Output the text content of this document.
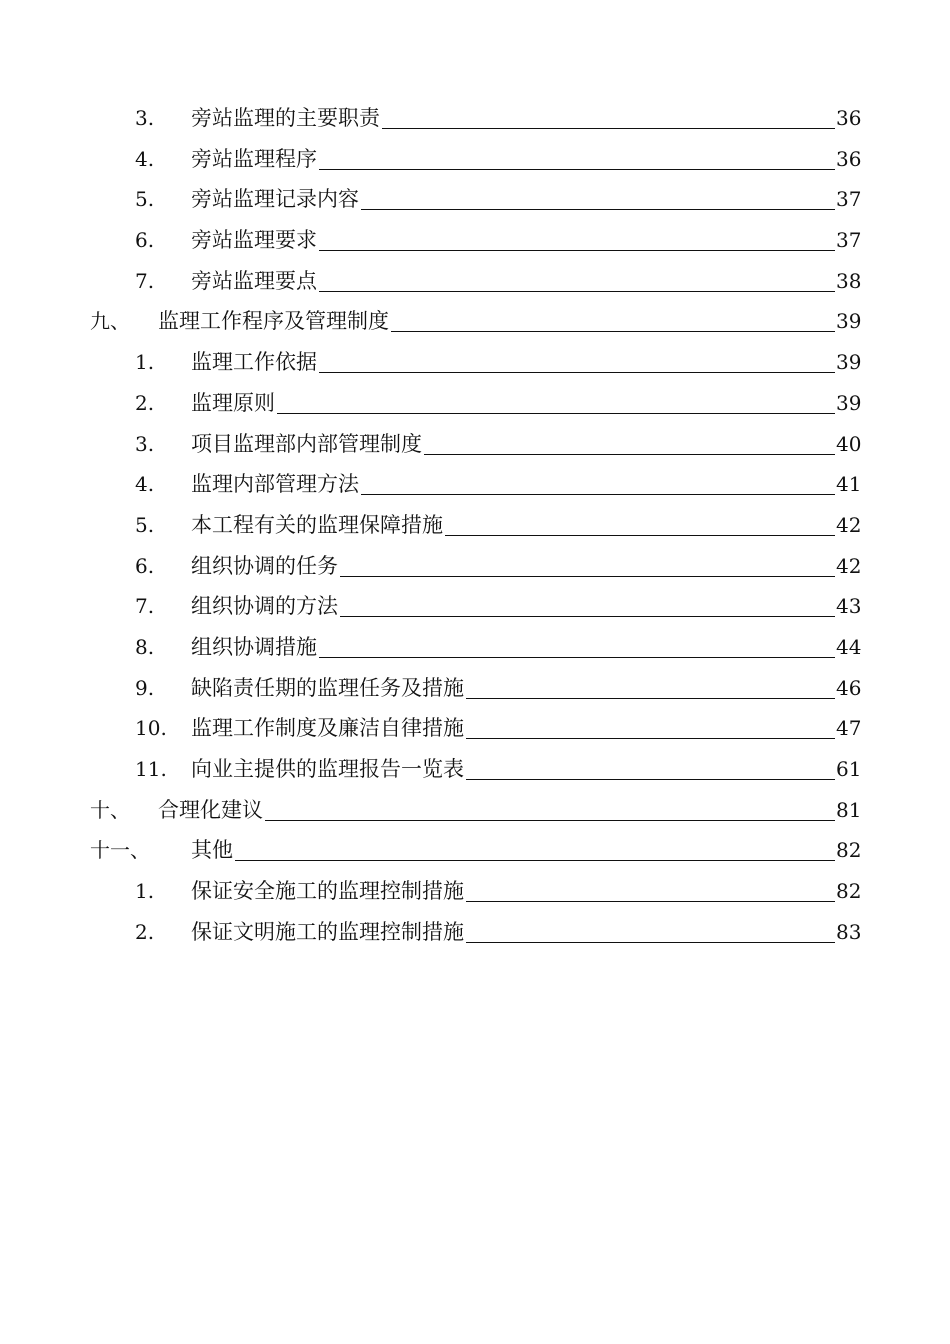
3. 旁站监理的主要职责	36
4. 旁站监理程序	36
5. 旁站监理记录内容	37
6. 旁站监理要求	37
7. 旁站监理要点	38
九、 监理工作程序及管理制度	39
1. 监理工作依据	39
2. 监理原则	39
3. 项目监理部内部管理制度	40
4. 监理内部管理方法	41
5. 本工程有关的监理保障措施	42
6. 组织协调的任务	42
7. 组织协调的方法	43
8. 组织协调措施	44
9. 缺陷责任期的监理任务及措施	46
10. 监理工作制度及廉洁自律措施	47
11. 向业主提供的监理报告一览表	61
十、 合理化建议	81
十一、 其他	82
1. 保证安全施工的监理控制措施	82
2. 保证文明施工的监理控制措施	83
